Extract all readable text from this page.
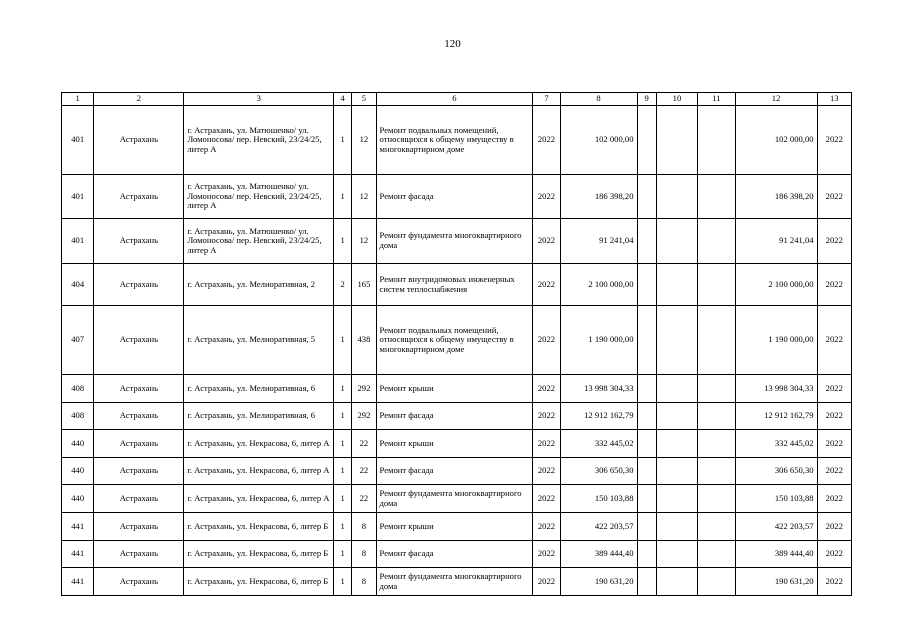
120
1	2	3	4	5	6	7	8	9	10	11	12	13
401	Астрахань	г. Астрахань, ул. Матюшенко/ ул. Ломоносова/ пер. Невский, 23/24/25, литер А	1	12	Ремонт подвальных помещений, относящихся к общему имуществу в многоквартирном доме	2022	102 000,00				102 000,00	2022
401	Астрахань	г. Астрахань, ул. Матюшенко/ ул. Ломоносова/ пер. Невский, 23/24/25, литер А	1	12	Ремонт фасада	2022	186 398,20				186 398,20	2022
401	Астрахань	г. Астрахань, ул. Матюшенко/ ул. Ломоносова/ пер. Невский, 23/24/25, литер А	1	12	Ремонт фундамента многоквартирного дома	2022	91 241,04				91 241,04	2022
404	Астрахань	г. Астрахань, ул. Мелиоративная, 2	2	165	Ремонт внутридомовых инженерных систем теплоснабжения	2022	2 100 000,00				2 100 000,00	2022
407	Астрахань	г. Астрахань, ул. Мелиоративная, 5	1	438	Ремонт подвальных помещений, относящихся к общему имуществу в многоквартирном доме	2022	1 190 000,00				1 190 000,00	2022
408	Астрахань	г. Астрахань, ул. Мелиоративная, 6	1	292	Ремонт крыши	2022	13 998 304,33				13 998 304,33	2022
408	Астрахань	г. Астрахань, ул. Мелиоративная, 6	1	292	Ремонт фасада	2022	12 912 162,79				12 912 162,79	2022
440	Астрахань	г. Астрахань, ул. Некрасова, 6, литер А	1	22	Ремонт крыши	2022	332 445,02				332 445,02	2022
440	Астрахань	г. Астрахань, ул. Некрасова, 6, литер А	1	22	Ремонт фасада	2022	306 650,30				306 650,30	2022
440	Астрахань	г. Астрахань, ул. Некрасова, 6, литер А	1	22	Ремонт фундамента многоквартирного дома	2022	150 103,88				150 103,88	2022
441	Астрахань	г. Астрахань, ул. Некрасова, 6, литер Б	1	8	Ремонт крыши	2022	422 203,57				422 203,57	2022
441	Астрахань	г. Астрахань, ул. Некрасова, 6, литер Б	1	8	Ремонт фасада	2022	389 444,40				389 444,40	2022
441	Астрахань	г. Астрахань, ул. Некрасова, 6, литер Б	1	8	Ремонт фундамента многоквартирного дома	2022	190 631,20				190 631,20	2022
